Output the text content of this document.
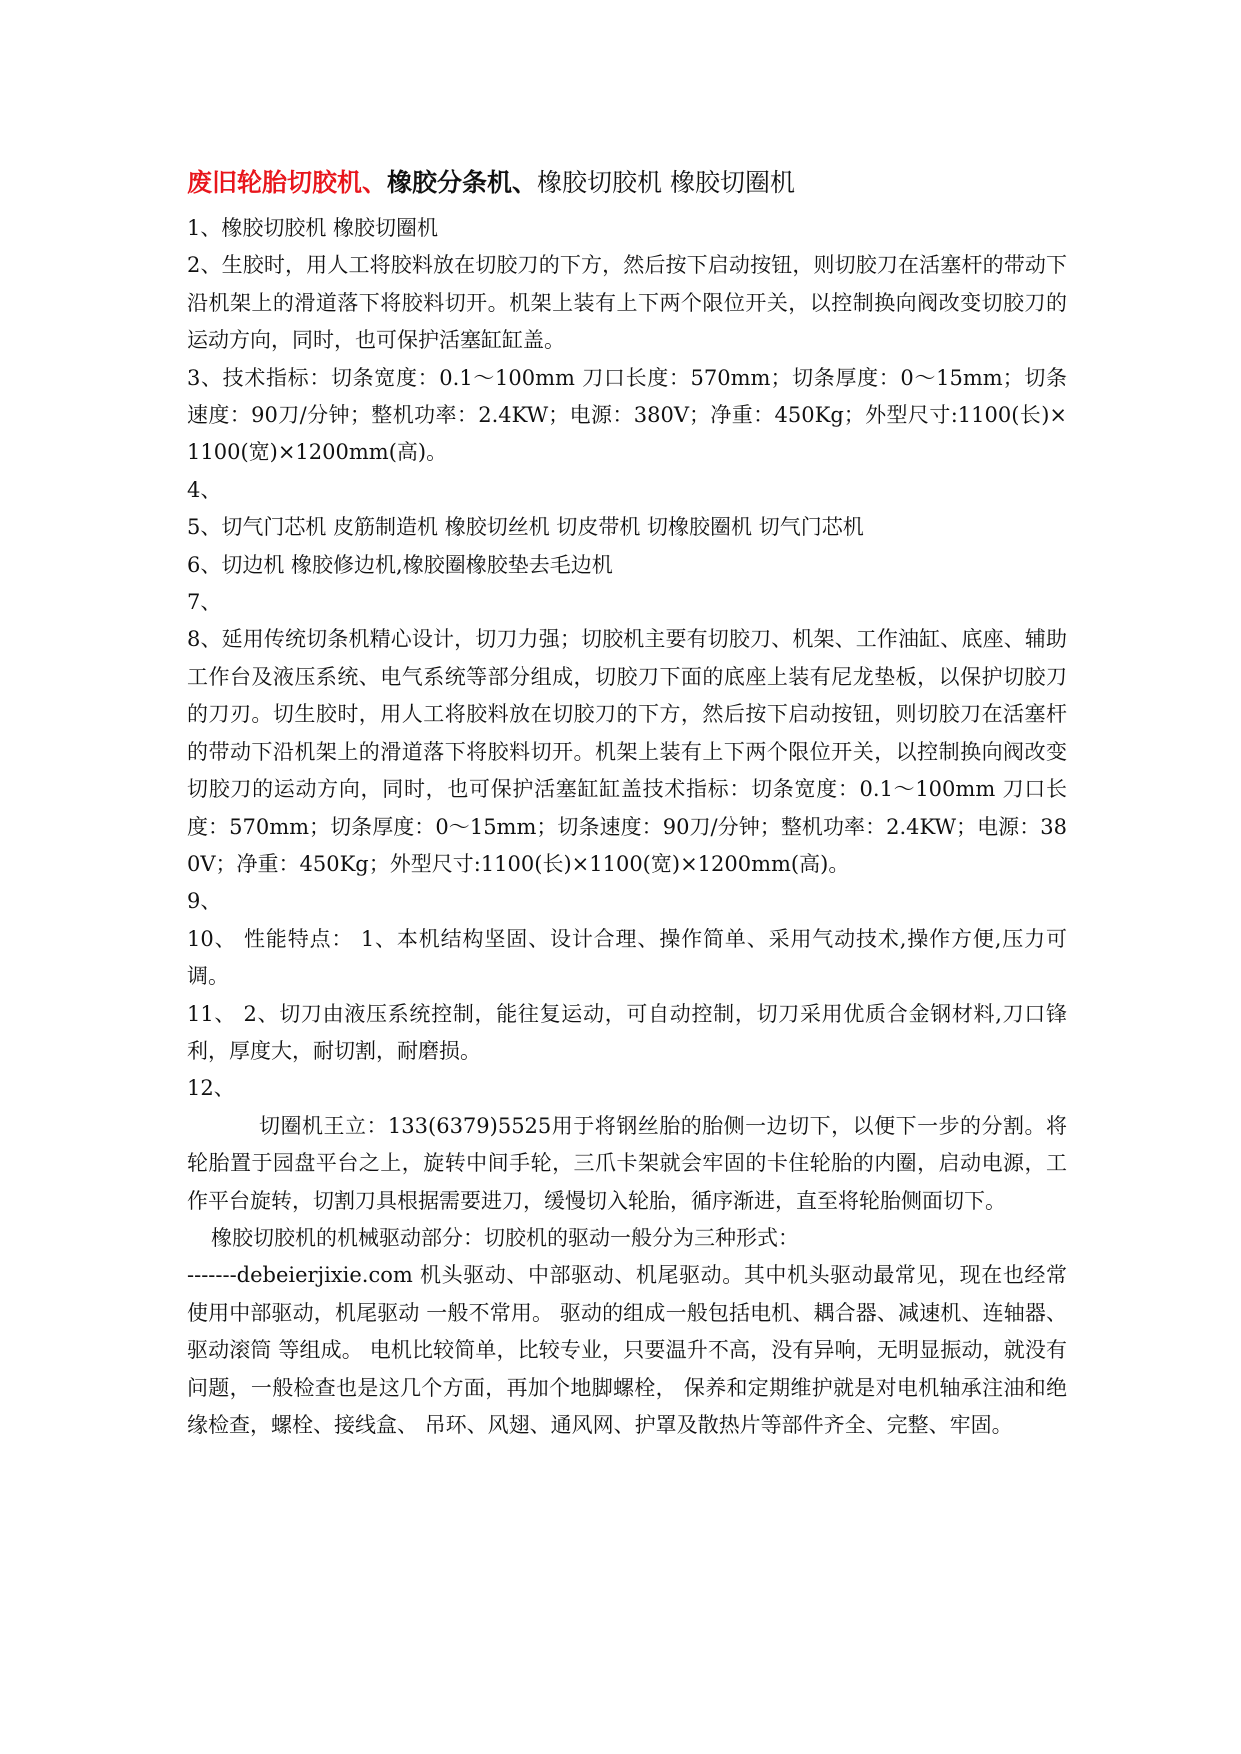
废旧轮胎切胶机、橡胶分条机、橡胶切胶机 橡胶切圈机

1、橡胶切胶机 橡胶切圈机

2、生胶时，用人工将胶料放在切胶刀的下方，然后按下启动按钮，则切胶刀在活塞杆的带动下沿机架上的滑道落下将胶料切开。机架上装有上下两个限位开关，以控制换向阀改变切胶刀的运动方向，同时，也可保护活塞缸缸盖。

3、技术指标：切条宽度：0.1～100mm 刀口长度：570mm；切条厚度：0～15mm；切条速度：90刀/分钟；整机功率：2.4KW；电源：380V；净重：450Kg；外型尺寸:1100(长)×1100(宽)×1200mm(高)。

4、

5、切气门芯机 皮筋制造机 橡胶切丝机 切皮带机 切橡胶圈机 切气门芯机

6、切边机 橡胶修边机,橡胶圈橡胶垫去毛边机

7、

8、延用传统切条机精心设计，切刀力强；切胶机主要有切胶刀、机架、工作油缸、底座、辅助工作台及液压系统、电气系统等部分组成，切胶刀下面的底座上装有尼龙垫板，以保护切胶刀的刀刃。切生胶时，用人工将胶料放在切胶刀的下方，然后按下启动按钮，则切胶刀在活塞杆的带动下沿机架上的滑道落下将胶料切开。机架上装有上下两个限位开关，以控制换向阀改变切胶刀的运动方向，同时，也可保护活塞缸缸盖技术指标：切条宽度：0.1～100mm 刀口长度：570mm；切条厚度：0～15mm；切条速度：90刀/分钟；整机功率：2.4KW；电源：380V；净重：450Kg；外型尺寸:1100(长)×1100(宽)×1200mm(高)。

9、

10、 性能特点： 1、本机结构坚固、设计合理、操作简单、采用气动技术,操作方便,压力可调。

11、 2、切刀由液压系统控制，能往复运动，可自动控制，切刀采用优质合金钢材料,刀口锋利，厚度大，耐切割，耐磨损。

12、

切圈机王立：133(6379)5525用于将钢丝胎的胎侧一边切下，以便下一步的分割。将轮胎置于园盘平台之上，旋转中间手轮，三爪卡架就会牢固的卡住轮胎的内圈，启动电源，工作平台旋转，切割刀具根据需要进刀，缓慢切入轮胎，循序渐进，直至将轮胎侧面切下。

橡胶切胶机的机械驱动部分：切胶机的驱动一般分为三种形式：

-------debeierjixie.com 机头驱动、中部驱动、机尾驱动。其中机头驱动最常见，现在也经常使用中部驱动，机尾驱动 一般不常用。 驱动的组成一般包括电机、耦合器、减速机、连轴器、驱动滚筒 等组成。 电机比较简单，比较专业，只要温升不高，没有异响，无明显振动，就没有问题，一般检查也是这几个方面，再加个地脚螺栓， 保养和定期维护就是对电机轴承注油和绝缘检查，螺栓、接线盒、 吊环、风翅、通风网、护罩及散热片等部件齐全、完整、牢固。
